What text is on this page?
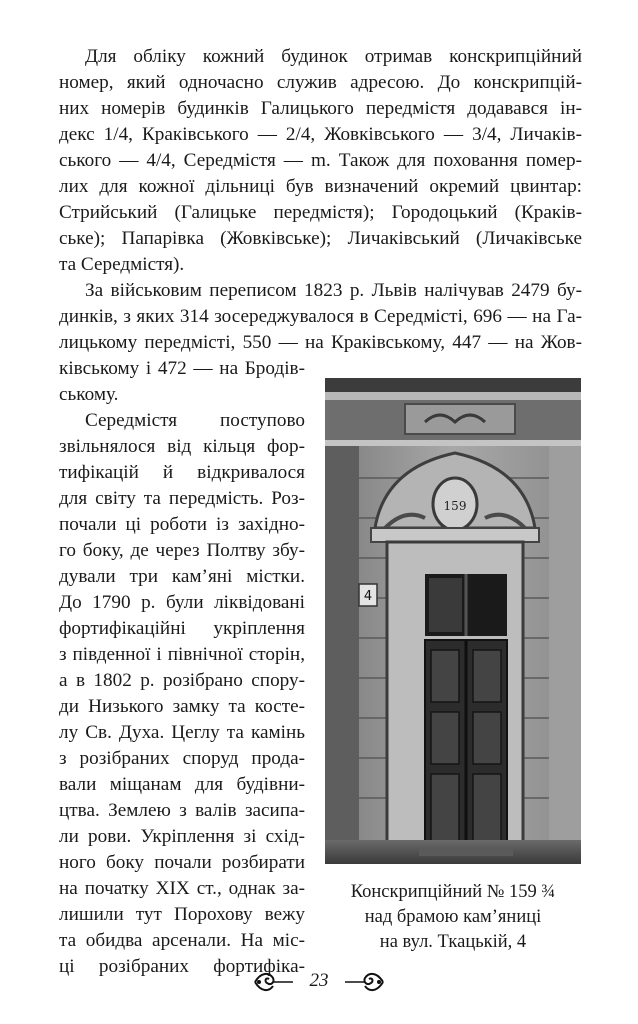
Для обліку кожний будинок отримав конскрипційний

номер, який одночасно служив адресою. До конскрипцій-

них номерів будинків Галицького передмістя додавався ін-

декс 1/4, Краківського — 2/4, Жовківського — 3/4, Личаків-

ського — 4/4, Середмістя — m. Також для поховання помер-

лих для кожної дільниці був визначений окремий цвинтар:

Стрийський (Галицьке передмістя); Городоцький (Кракiв-

ське); Папарівка (Жовківське); Личаківський (Личаківське

та Середмістя).

За військовим переписом 1823 р. Львів налічував 2479 бу-

динків, з яких 314 зосереджувалося в Середмісті, 696 — на Га-

лицькому передмісті, 550 — на Краківському, 447 — на Жов-

ківському і 472 — на Бродів-

ському.

Середмістя поступово

звільнялося від кільця фор-

тифікацій й відкривалося

для світу та передмість. Роз-

почали ці роботи із західно-

го боку, де через Полтву збу-

дували три кам’яні містки.

До 1790 р. були ліквідовані

фортифікаційні укріплення

з південної і північної сторін,

а в 1802 р. розібрано спору-

ди Низького замку та костe-

лу Св. Духа. Цеглу та камінь

з розібраних споруд прода-

вали міщанам для будівни-

цтва. Землею з валів засипа-

ли рови. Укріплення зі схід-

ного боку почали розбирати

на початку XIX ст., однак за-

лишили тут Порохову вежу

та обидва арсенали. На міс-

ці розібраних фортифіка-

159
4

Конскрипційний № 159 ¾

над брамою кам’яниці

на вул. Ткацькій, 4

23
